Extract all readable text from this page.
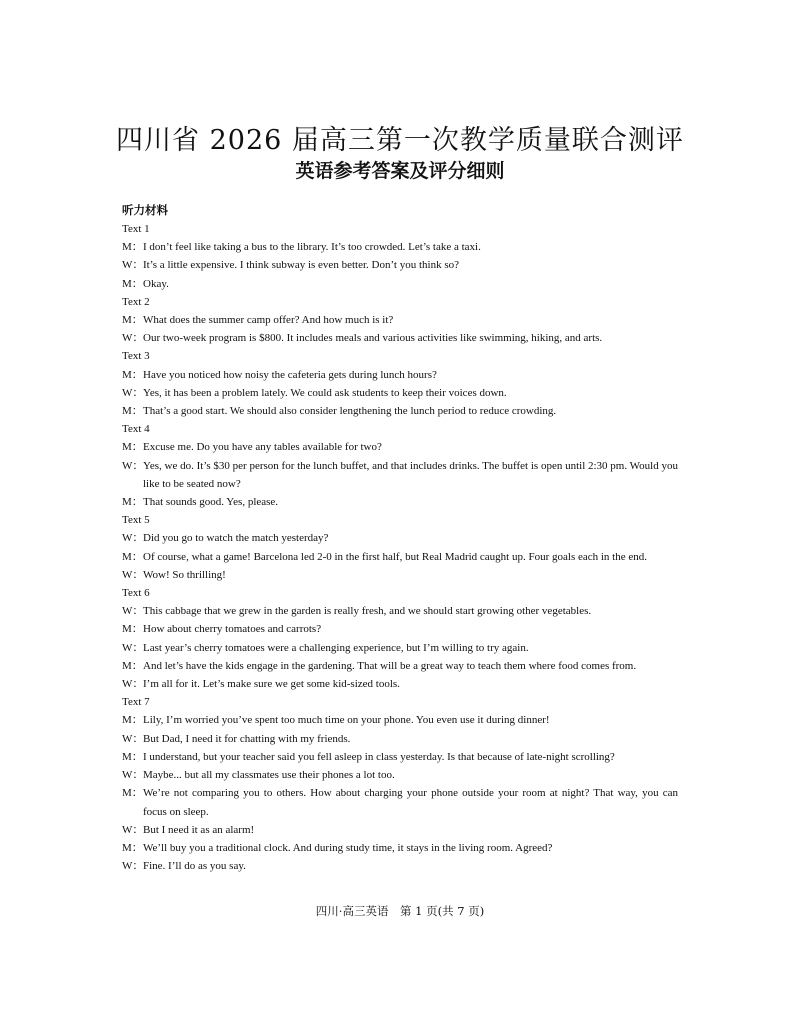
四川省 2026 届高三第一次教学质量联合测评
英语参考答案及评分细则
听力材料
Text 1
M：I don’t feel like taking a bus to the library. It’s too crowded. Let’s take a taxi.
W：It’s a little expensive. I think subway is even better. Don’t you think so?
M：Okay.
Text 2
M：What does the summer camp offer? And how much is it?
W：Our two-week program is $800. It includes meals and various activities like swimming, hiking, and arts.
Text 3
M：Have you noticed how noisy the cafeteria gets during lunch hours?
W：Yes, it has been a problem lately. We could ask students to keep their voices down.
M：That’s a good start. We should also consider lengthening the lunch period to reduce crowding.
Text 4
M：Excuse me. Do you have any tables available for two?
W：Yes, we do. It’s $30 per person for the lunch buffet, and that includes drinks. The buffet is open until 2:30 pm. Would you like to be seated now?
M：That sounds good. Yes, please.
Text 5
W：Did you go to watch the match yesterday?
M：Of course, what a game! Barcelona led 2-0 in the first half, but Real Madrid caught up. Four goals each in the end.
W：Wow! So thrilling!
Text 6
W：This cabbage that we grew in the garden is really fresh, and we should start growing other vegetables.
M：How about cherry tomatoes and carrots?
W：Last year’s cherry tomatoes were a challenging experience, but I’m willing to try again.
M：And let’s have the kids engage in the gardening. That will be a great way to teach them where food comes from.
W：I’m all for it. Let’s make sure we get some kid-sized tools.
Text 7
M：Lily, I’m worried you’ve spent too much time on your phone. You even use it during dinner!
W：But Dad, I need it for chatting with my friends.
M：I understand, but your teacher said you fell asleep in class yesterday. Is that because of late-night scrolling?
W：Maybe... but all my classmates use their phones a lot too.
M：We’re not comparing you to others. How about charging your phone outside your room at night? That way, you can focus on sleep.
W：But I need it as an alarm!
M：We’ll buy you a traditional clock. And during study time, it stays in the living room. Agreed?
W：Fine. I’ll do as you say.
四川·高三英语　第 1 页(共 7 页)
